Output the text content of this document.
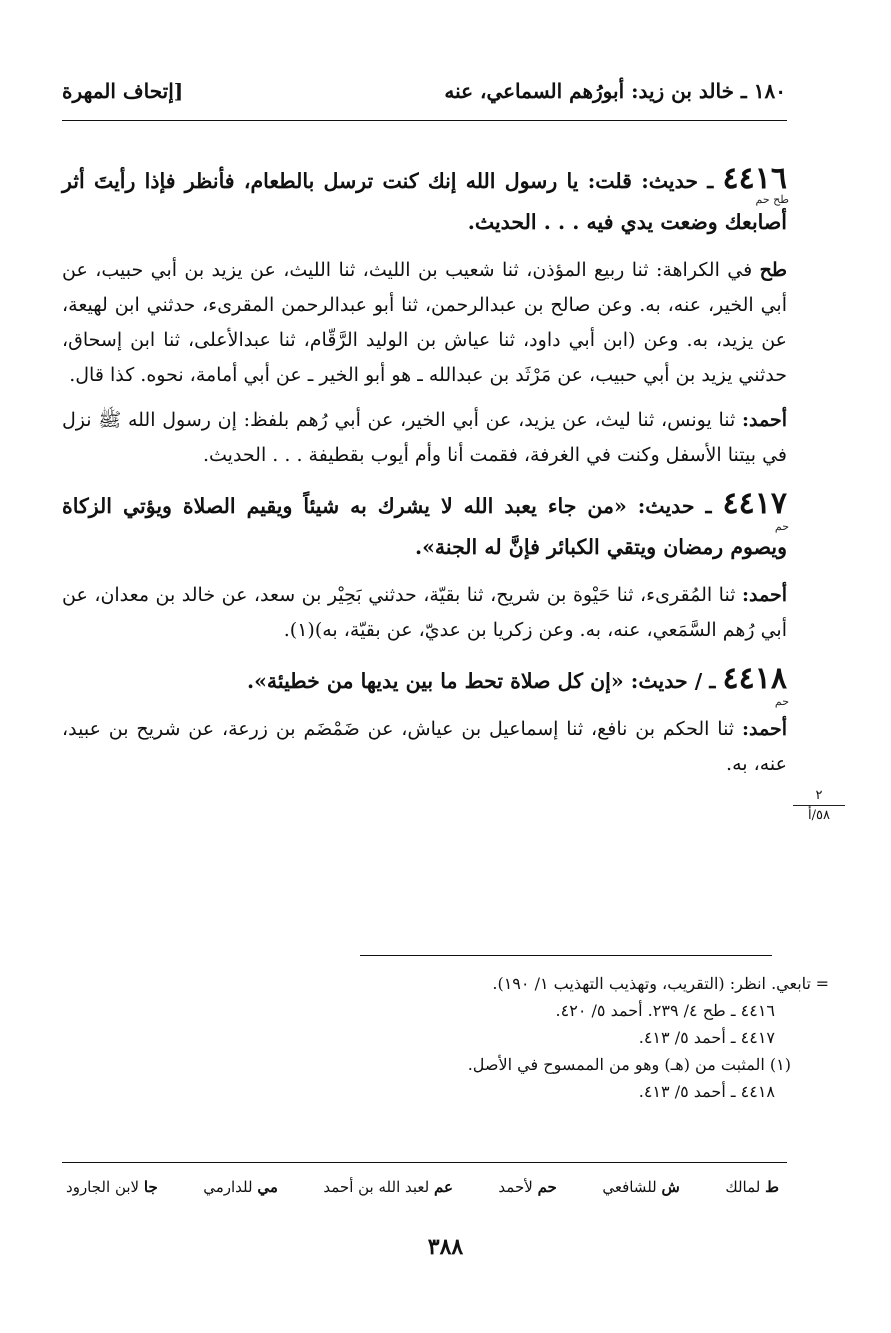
١٨٠ ـ خالد بن زيد: أبورُهم السماعي، عنه
[إتحاف المهرة
طح حم
٤٤١٦ ـ حديث: قلت: يا رسول الله إنك كنت ترسل بالطعام، فأنظر فإذا رأيتَ أثر أصابعك وضعت يدي فيه . . . الحديث.
طح في الكراهة: ثنا ربيع المؤذن، ثنا شعيب بن الليث، ثنا الليث، عن يزيد بن أبي حبيب، عن أبي الخير، عنه، به. وعن صالح بن عبدالرحمن، ثنا أبو عبدالرحمن المقرىء، حدثني ابن لهيعة، عن يزيد، به. وعن (ابن أبي داود، ثنا عياش بن الوليد الرَّقّام، ثنا عبدالأعلى، ثنا ابن إسحاق، حدثني يزيد بن أبي حبيب، عن مَرْثَد بن عبدالله ـ هو أبو الخير ـ عن أبي أمامة، نحوه. كذا قال.
أحمد: ثنا يونس، ثنا ليث، عن يزيد، عن أبي الخير، عن أبي رُهم بلفظ: إن رسول الله ﷺ نزل في بيتنا الأسفل وكنت في الغرفة، فقمت أنا وأم أيوب بقطيفة . . . الحديث.
حم
٤٤١٧ ـ حديث: «من جاء يعبد الله لا يشرك به شيئاً ويقيم الصلاة ويؤتي الزكاة ويصوم رمضان ويتقي الكبائر فإنَّ له الجنة».
أحمد: ثنا المُقرىء، ثنا حَيْوة بن شريح، ثنا بقيّة، حدثني بَحِيْر بن سعد، عن خالد بن معدان، عن أبي رُهم السَّمَعي، عنه، به. وعن زكريا بن عديّ، عن بقيّة، به)(١).
حم
٤٤١٨ ـ / حديث: «إن كل صلاة تحط ما بين يديها من خطيئة».
أحمد: ثنا الحكم بن نافع، ثنا إسماعيل بن عياش، عن ضَمْضَم بن زرعة، عن شريح بن عبيد، عنه، به.
٢
٥٨/أ
=
تابعي. انظر: (التقريب، وتهذيب التهذيب ١/ ١٩٠).
٤٤١٦ ـ طح ٤/ ٢٣٩. أحمد ٥/ ٤٢٠.
٤٤١٧ ـ أحمد ٥/ ٤١٣.
(١) المثبت من (هـ) وهو من الممسوح في الأصل.
٤٤١٨ ـ أحمد ٥/ ٤١٣.
ط لمالك
ش للشافعي
حم لأحمد
عم لعبد الله بن أحمد
مي للدارمي
جا لابن الجارود
٣٨٨
